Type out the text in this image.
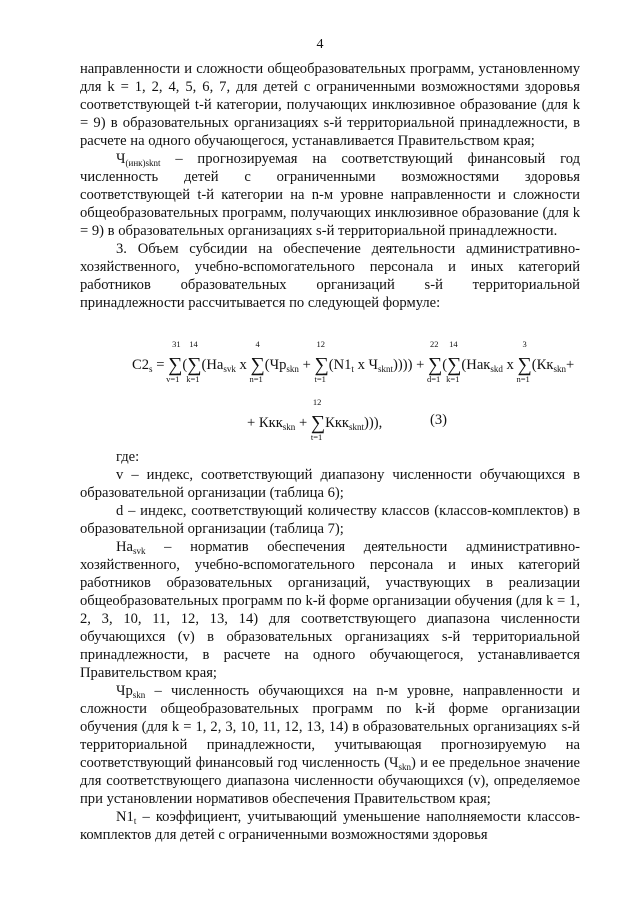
4

направленности и сложности общеобразовательных программ, установленному для k = 1, 2, 4, 5, 6, 7, для детей с ограниченными возможностями здоровья соответствующей t-й категории, получающих инклюзивное образование (для k = 9) в образовательных организациях s-й территориальной принадлежности, в расчете на одного обучающегося, устанавливается Правительством края;

$Ч_{(инк)sknt}$ – прогнозируемая на соответствующий финансовый год численность детей с ограниченными возможностями здоровья соответствующей t-й категории на n-м уровне направленности и сложности общеобразовательных программ, получающих инклюзивное образование (для k = 9) в образовательных организациях s-й территориальной принадлежности.

3. Объем субсидии на обеспечение деятельности административно-хозяйственного, учебно-вспомогательного персонала и иных категорий работников образовательных организаций s-й территориальной принадлежности рассчитывается по следующей формуле:

$С2_s$ =
31
∑
v=1
(
14
∑
k=1
($На_{svk}$ x
4
∑
n=1
($Чр_{skn}$ +
12
∑
t=1
($N1_t$ x $Ч_{sknt}$)))) +
22
∑
d=1
(
14
∑
k=1
(Нак$_{skd}$ x
3
∑
n=1
($Кк_{skn}+$
+ Ккк$_{skn}$ +
12
∑
t=1
Ккк$_{sknt}$))),	(3)

где:

v – индекс, соответствующий диапазону численности обучающихся в образовательной организации (таблица 6);

d – индекс, соответствующий количеству классов (классов-комплектов) в образовательной организации (таблица 7);

$На_{svk}$ – норматив обеспечения деятельности административно-хозяйственного, учебно-вспомогательного персонала и иных категорий работников образовательных организаций, участвующих в реализации общеобразовательных программ по k-й форме организации обучения (для k = 1, 2, 3, 10, 11, 12, 13, 14) для соответствующего диапазона численности обучающихся (v) в образовательных организациях s-й территориальной принадлежности, в расчете на одного обучающегося, устанавливается Правительством края;

$Чр_{skn}$ – численность обучающихся на n-м уровне, направленности и сложности общеобразовательных программ по k-й форме организации обучения (для k = 1, 2, 3, 10, 11, 12, 13, 14) в образовательных организациях s-й территориальной принадлежности, учитывающая прогнозируемую на соответствующий финансовый год численность $(Ч_{skn})$ и ее предельное значение для соответствующего диапазона численности обучающихся (v), определяемое при установлении нормативов обеспечения Правительством края;

$N1_t$ – коэффициент, учитывающий уменьшение наполняемости классов-комплектов для детей с ограниченными возможностями здоровья
